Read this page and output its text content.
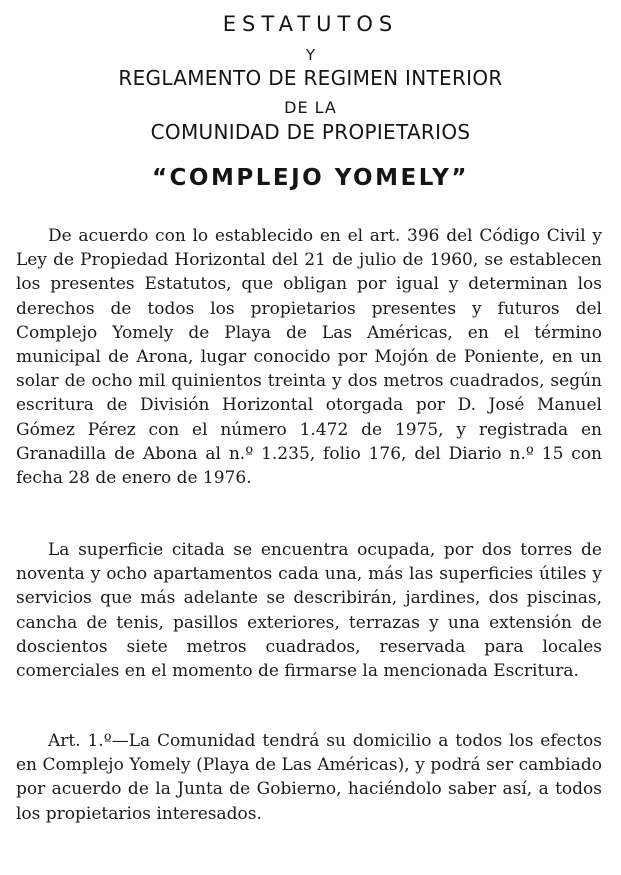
ESTATUTOS
Y
REGLAMENTO DE REGIMEN INTERIOR
DE LA
COMUNIDAD DE PROPIETARIOS
“COMPLEJO YOMELY”

De acuerdo con lo establecido en el art. 396 del Código Civil y Ley de Propiedad Horizontal del 21 de julio de 1960, se establecen los presentes Estatutos, que obligan por igual y determinan los derechos de todos los propietarios presentes y futuros del Complejo Yomely de Playa de Las Américas, en el término municipal de Arona, lugar conocido por Mojón de Poniente, en un solar de ocho mil quinientos treinta y dos metros cuadrados, según escritura de División Horizontal otorgada por D. José Manuel Gómez Pérez con el número 1.472 de 1975, y registrada en Granadilla de Abona al n.º 1.235, folio 176, del Diario n.º 15 con fecha 28 de enero de 1976.

La superficie citada se encuentra ocupada, por dos torres de noventa y ocho apartamentos cada una, más las superficies útiles y servicios que más adelante se describirán, jardines, dos piscinas, cancha de tenis, pasillos exteriores, terrazas y una extensión de doscientos siete metros cuadrados, reservada para locales comerciales en el momento de firmarse la mencionada Escritura.

Art. 1.º—La Comunidad tendrá su domicilio a todos los efectos en Complejo Yomely (Playa de Las Américas), y podrá ser cambiado por acuerdo de la Junta de Gobierno, haciéndolo saber así, a todos los propietarios interesados.
